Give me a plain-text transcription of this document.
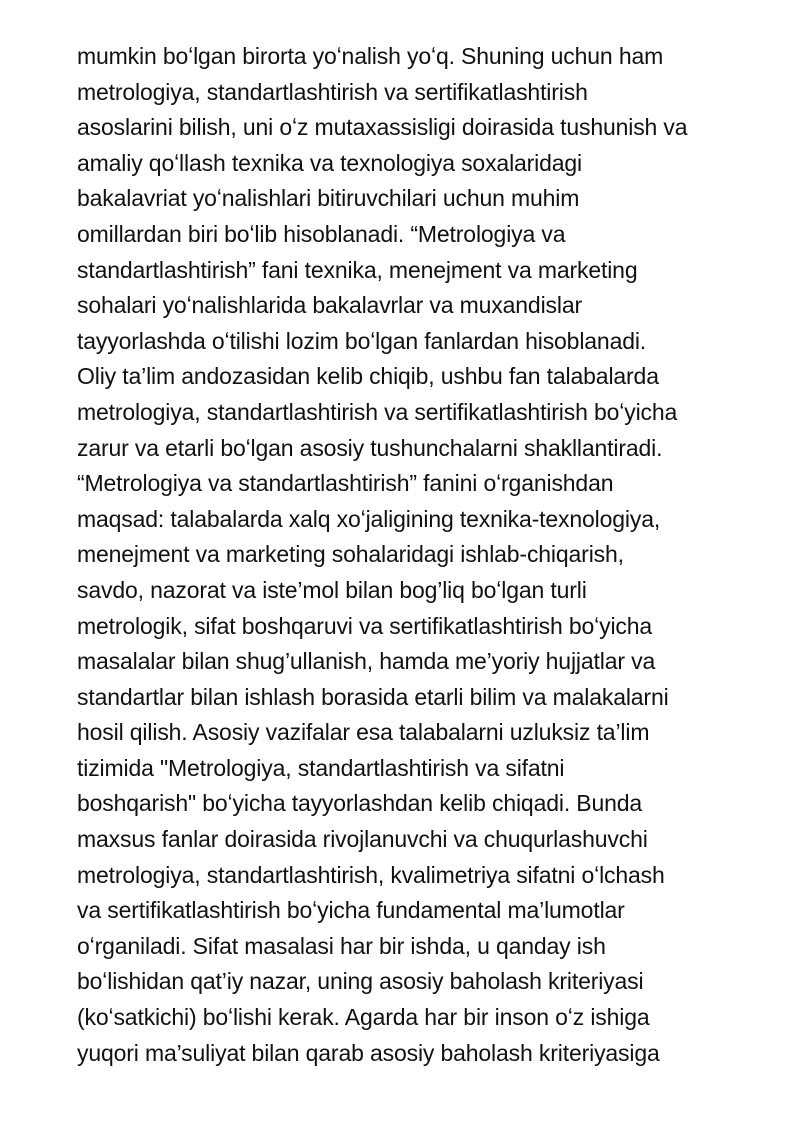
mumkin boʻlgan birorta yoʻnalish yoʻq. Shuning uchun ham
metrologiya, standartlashtirish va sertifikatlashtirish
asoslarini bilish, uni oʻz mutaxassisligi doirasida tushunish va
amaliy qoʻllash texnika va texnologiya soxalaridagi
bakalavriat yoʻnalishlari bitiruvchilari uchun muhim
omillardan biri boʻlib hisoblanadi. “Metrologiya va
standartlashtirish” fani texnika, menejment va marketing
sohalari yoʻnalishlarida bakalavrlar va muxandislar
tayyorlashda oʻtilishi lozim boʻlgan fanlardan hisoblanadi.
Oliy ta’lim andozasidan kelib chiqib, ushbu fan talabalarda
metrologiya, standartlashtirish va sertifikatlashtirish boʻyicha
zarur va etarli boʻlgan asosiy tushunchalarni shakllantiradi.
“Metrologiya va standartlashtirish” fanini oʻrganishdan
maqsad: talabalarda xalq xoʻjaligining texnika-texnologiya,
menejment va marketing sohalaridagi ishlab-chiqarish,
savdo, nazorat va iste’mol bilan bog’liq boʻlgan turli
metrologik, sifat boshqaruvi va sertifikatlashtirish boʻyicha
masalalar bilan shug’ullanish, hamda me’yoriy hujjatlar va
standartlar bilan ishlash borasida etarli bilim va malakalarni
hosil qilish. Asosiy vazifalar esa talabalarni uzluksiz ta’lim
tizimida "Metrologiya, standartlashtirish va sifatni
boshqarish" boʻyicha tayyorlashdan kelib chiqadi. Bunda
maxsus fanlar doirasida rivojlanuvchi va chuqurlashuvchi
metrologiya, standartlashtirish, kvalimetriya sifatni oʻlchash
va sertifikatlashtirish boʻyicha fundamental ma’lumotlar
oʻrganiladi. Sifat masalasi har bir ishda, u qanday ish
boʻlishidan qat’iy nazar, uning asosiy baholash kriteriyasi
(koʻsatkichi) boʻlishi kerak. Agarda har bir inson oʻz ishiga
yuqori ma’suliyat bilan qarab asosiy baholash kriteriyasiga
